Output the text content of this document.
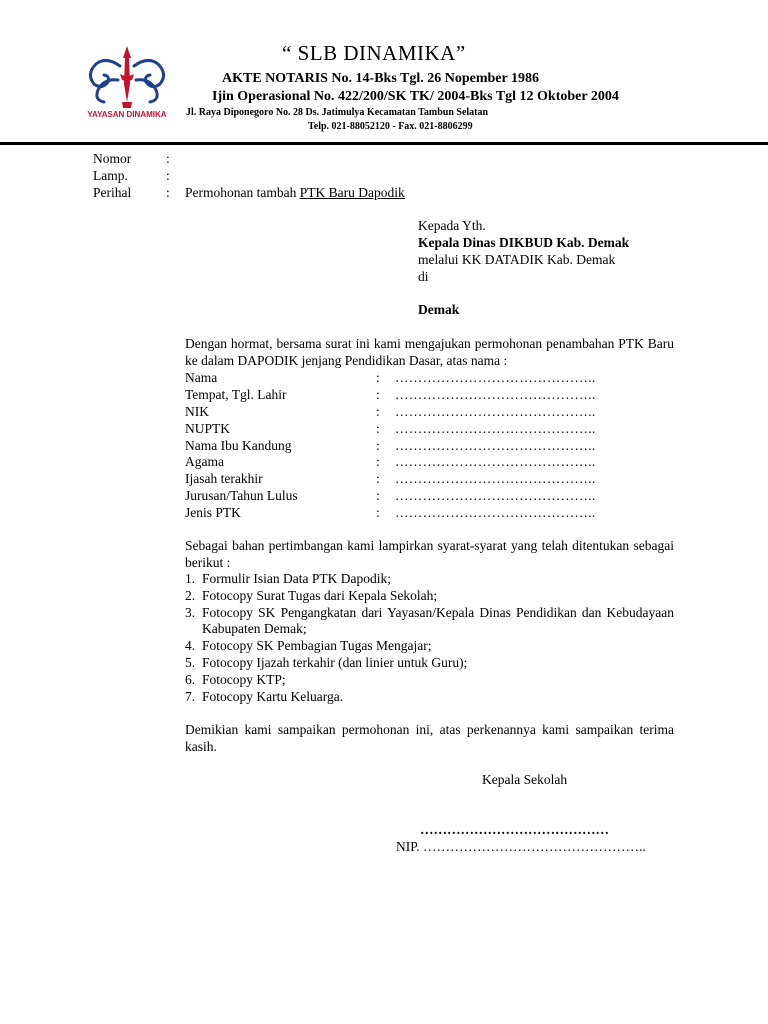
YAYASAN DINAMIKA
“ SLB DINAMIKA”
AKTE NOTARIS No. 14-Bks Tgl. 26 Nopember 1986
Ijin Operasional No. 422/200/SK TK/ 2004-Bks Tgl 12 Oktober 2004
Jl. Raya Diponegoro No. 28 Ds. Jatimulya Kecamatan Tambun Selatan
Telp. 021-88052120 - Fax. 021-8806299
Nomor	:
Lamp.	:
Perihal	: Permohonan tambah PTK Baru Dapodik
Kepada Yth.
Kepala Dinas DIKBUD Kab. Demak
melalui KK DATADIK Kab. Demak
di
Demak
Dengan hormat, bersama surat ini kami mengajukan permohonan penambahan PTK Baru ke dalam DAPODIK jenjang Pendidikan Dasar, atas nama :
Nama	: ……………………………………..
Tempat, Tgl. Lahir	: ……………………………………..
NIK	: ……………………………………..
NUPTK	: ……………………………………..
Nama Ibu Kandung	: ……………………………………..
Agama	: ……………………………………..
Ijasah terakhir	: ……………………………………..
Jurusan/Tahun Lulus	: ……………………………………..
Jenis PTK	: ……………………………………..
Sebagai bahan pertimbangan kami lampirkan syarat-syarat yang telah ditentukan sebagai berikut :
1. Formulir Isian Data PTK Dapodik;
2. Fotocopy Surat Tugas dari Kepala Sekolah;
3. Fotocopy SK Pengangkatan dari Yayasan/Kepala Dinas Pendidikan dan Kebudayaan Kabupaten Demak;
4. Fotocopy SK Pembagian Tugas Mengajar;
5. Fotocopy Ijazah terkahir (dan linier untuk Guru);
6. Fotocopy KTP;
7. Fotocopy Kartu Keluarga.
Demikian kami sampaikan permohonan ini, atas perkenannya kami sampaikan terima kasih.
Kepala Sekolah
……………………………………
NIP. …………………………………………..
